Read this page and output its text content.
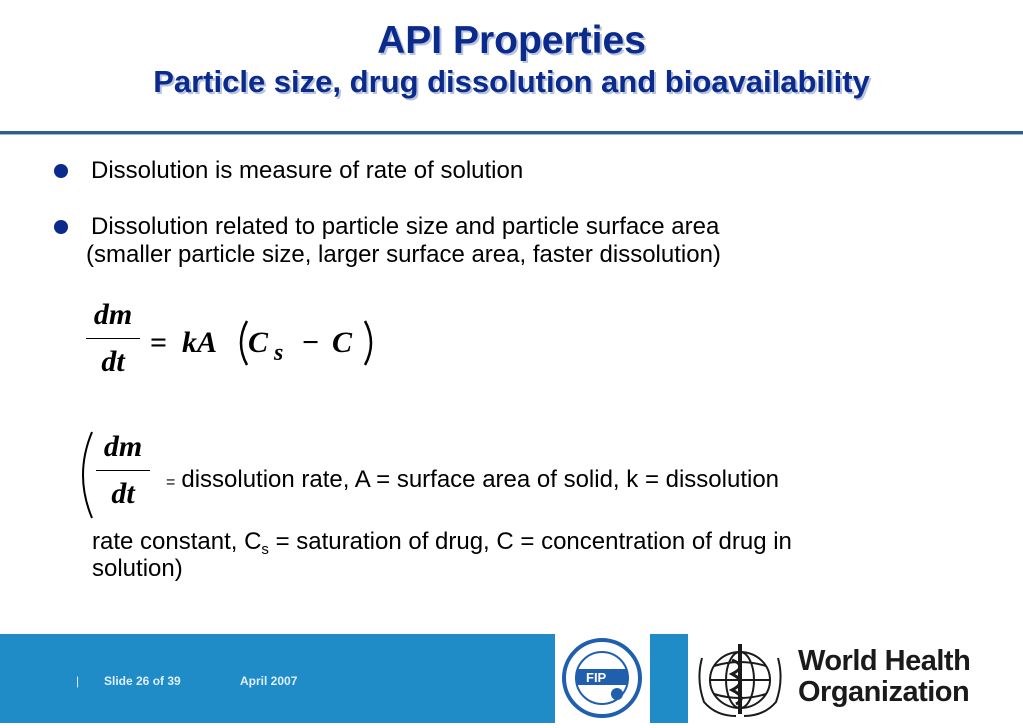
API Properties
Particle size, drug dissolution and bioavailability
Dissolution is measure of rate of solution
Dissolution related to particle size and particle surface area
(smaller particle size, larger surface area, faster dissolution)
dm
dt
= kA C s − C
dm
dt	= dissolution rate, A = surface area of solid, k = dissolution
rate constant, $C_s$ = saturation of drug, C = concentration of drug in
solution)
| Slide 26 of 39	April 2007	FIP
World Health
Organization
